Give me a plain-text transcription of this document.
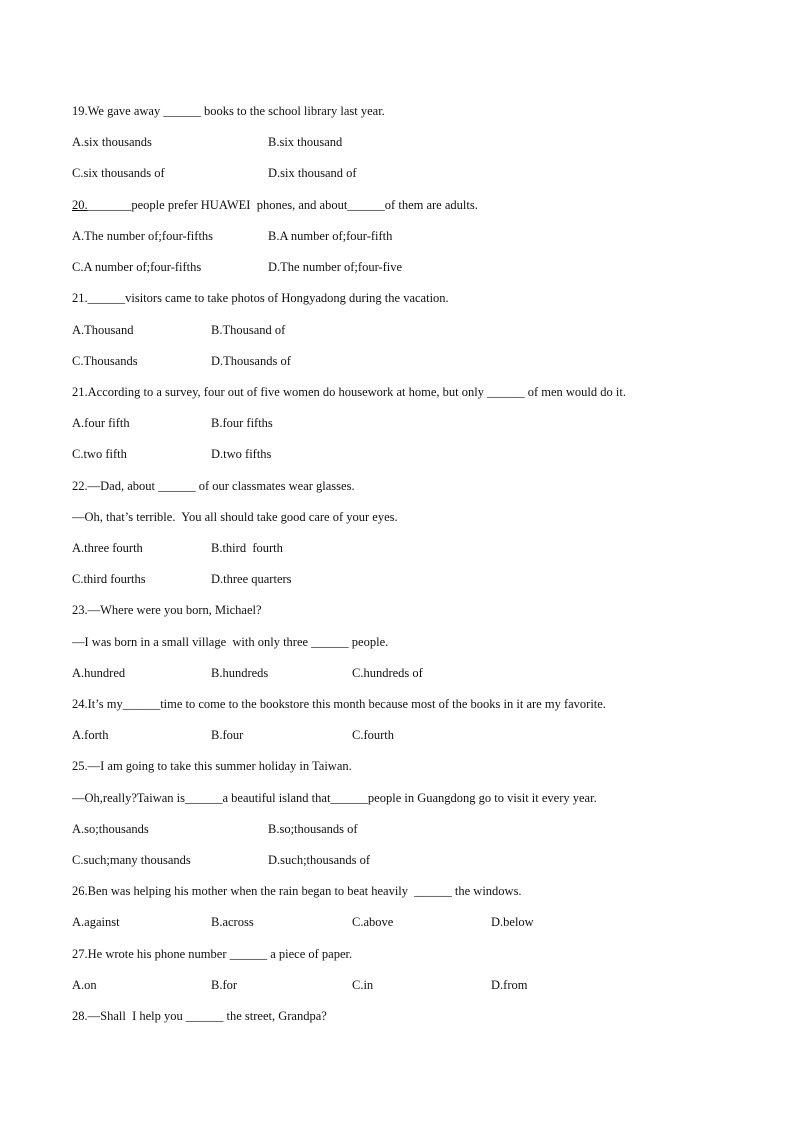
19.We gave away ______ books to the school library last year.
A.six thousands	B.six thousand
C.six thousands of	D.six thousand of
20._______people prefer HUAWEI  phones, and about______of them are adults.
A.The number of;four-fifths	B.A number of;four-fifth
C.A number of;four-fifths	D.The number of;four-five
21.______visitors came to take photos of Hongyadong during the vacation.
A.Thousand	B.Thousand of
C.Thousands	D.Thousands of
21.According to a survey, four out of five women do housework at home, but only ______ of men would do it.
A.four fifth	B.four fifths
C.two fifth	D.two fifths
22.—Dad, about ______ of our classmates wear glasses.
—Oh, that’s terrible.  You all should take good care of your eyes.
A.three fourth	B.third  fourth
C.third fourths	D.three quarters
23.—Where were you born, Michael?
—I was born in a small village  with only three ______ people.
A.hundred	B.hundreds	C.hundreds of
24.It’s my______time to come to the bookstore this month because most of the books in it are my favorite.
A.forth	B.four	C.fourth
25.—I am going to take this summer holiday in Taiwan.
—Oh,really?Taiwan is______a beautiful island that______people in Guangdong go to visit it every year.
A.so;thousands	B.so;thousands of
C.such;many thousands	D.such;thousands of
26.Ben was helping his mother when the rain began to beat heavily  ______ the windows.
A.against	B.across	C.above	D.below
27.He wrote his phone number ______ a piece of paper.
A.on	B.for	C.in	D.from
28.—Shall  I help you ______ the street, Grandpa?
